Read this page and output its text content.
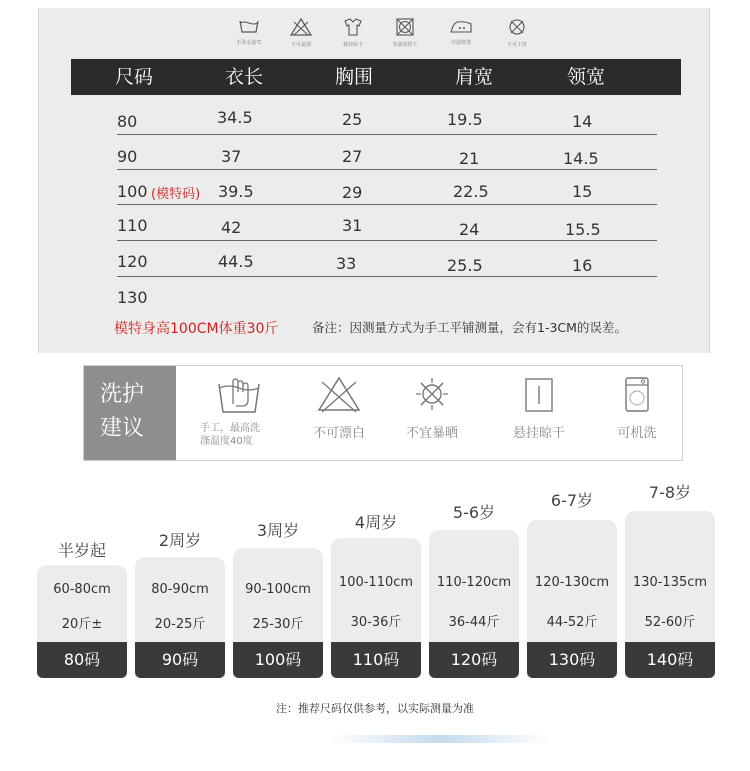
手洗水温℃	不可氯漂	悬挂晾干	勿滚动烘干	中温熨烫	不可干洗
尺码	衣长	胸围	肩宽	领宽
80	34.5	25	19.5	14
90	37	27	21	14.5
100 (模特码) 39.5	29	22.5	15
110	42	31	24	15.5
120	44.5	33	25.5	16
130
模特身高100CM体重30斤	备注：因测量方式为手工平铺测量，会有1-3CM的误差。
洗护
建议	手工，最高洗
涤温度40度
不可漂白	不宜暴晒	悬挂晾干	可机洗
半岁起
60-80cm
20斤±
80码
2周岁
80-90cm
20-25斤
90码
3周岁
90-100cm
25-30斤
100码
4周岁
100-110cm
30-36斤
110码
5-6岁
110-120cm
36-44斤
120码
6-7岁
120-130cm
44-52斤
130码
7-8岁
130-135cm
52-60斤
140码
注：推荐尺码仅供参考，以实际测量为准
